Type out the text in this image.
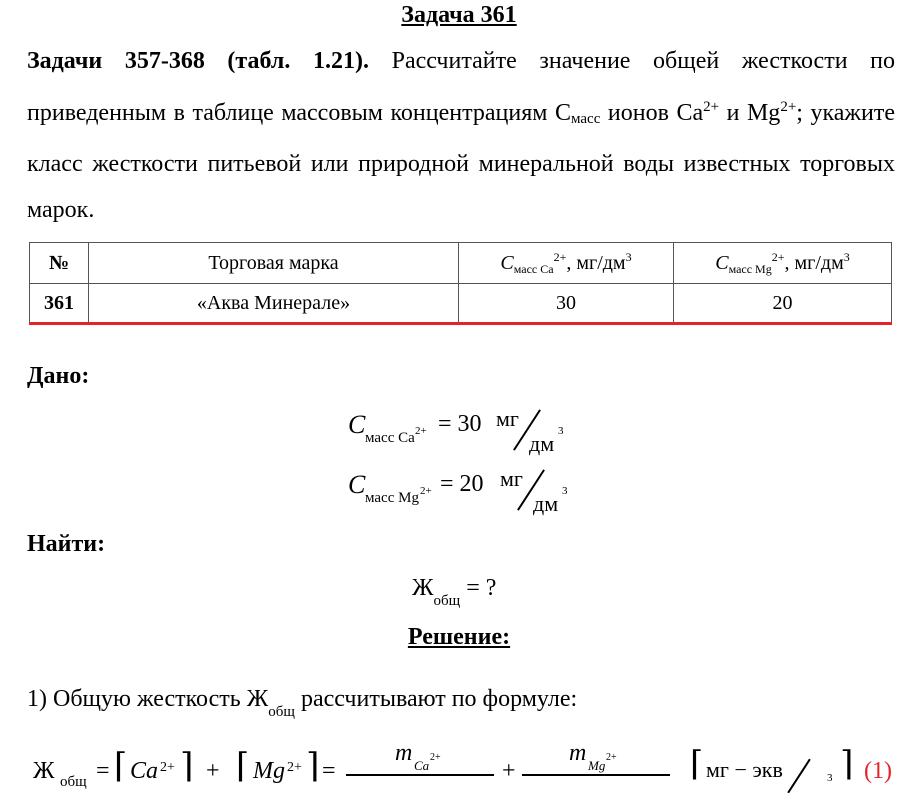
Задача 361
Задачи 357-368 (табл. 1.21). Рассчитайте значение общей жесткости по приведенным в таблице массовым концентрациям Cмасс ионов $Ca^{2+}$ и $Mg^{2+}$; укажите класс жесткости питьевой или природной минеральной воды известных торговых марок.
№	Торговая марка	$C_{масс Ca}^{2+}$, $мг/дм^3$	$C_{масс Mg}^{2+}$, $мг/дм^3$
361	«Аква Минерале»	30	20
Дано:
C масс Ca 2+ = 30 мг
дм 3
C масс Mg 2+ = 20 мг
дм 3
Найти:
$Ж_{общ}$ = ?
Решение:
1) Общую жесткость $Ж_{общ}$ рассчитывают по формуле:
Ж общ = ⌈ Ca 2+ ⌉ + ⌈ Mg 2+ ⌉ =
m Ca
2+
+
m Mg
2+ ⌈ мг − экв	3 ⌉ (1)
